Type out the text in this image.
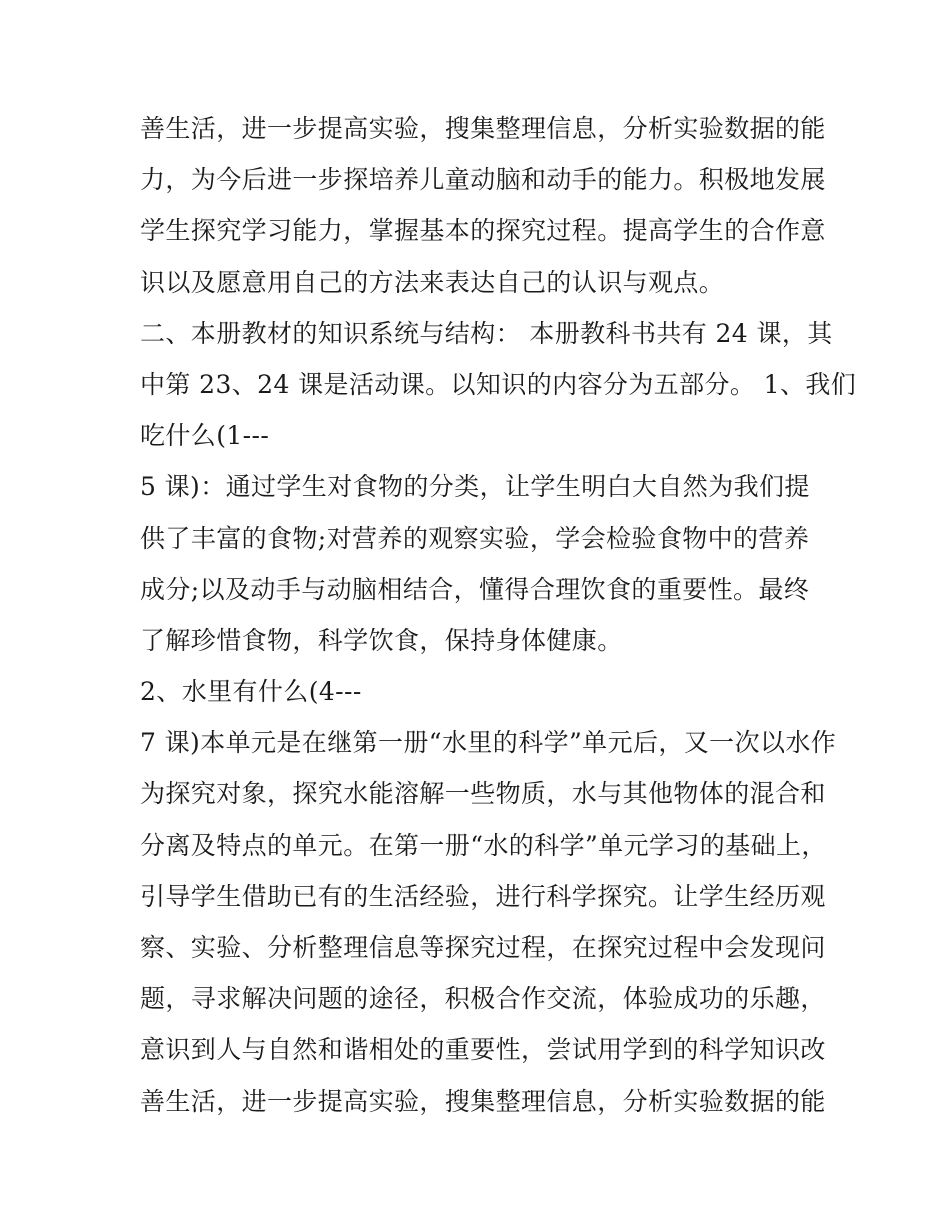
善生活，进一步提高实验，搜集整理信息，分析实验数据的能
力，为今后进一步探培养儿童动脑和动手的能力。积极地发展
学生探究学习能力，掌握基本的探究过程。提高学生的合作意
识以及愿意用自己的方法来表达自己的认识与观点。
二、本册教材的知识系统与结构： 本册教科书共有 24 课，其
中第 23、24 课是活动课。以知识的内容分为五部分。 1、我们
吃什么(1---
5 课)：通过学生对食物的分类，让学生明白大自然为我们提
供了丰富的食物;对营养的观察实验，学会检验食物中的营养
成分;以及动手与动脑相结合，懂得合理饮食的重要性。最终
了解珍惜食物，科学饮食，保持身体健康。
2、水里有什么(4---
7 课)本单元是在继第一册“水里的科学”单元后，又一次以水作
为探究对象，探究水能溶解一些物质，水与其他物体的混合和
分离及特点的单元。在第一册“水的科学”单元学习的基础上，
引导学生借助已有的生活经验，进行科学探究。让学生经历观
察、实验、分析整理信息等探究过程，在探究过程中会发现问
题，寻求解决问题的途径，积极合作交流，体验成功的乐趣，
意识到人与自然和谐相处的重要性，尝试用学到的科学知识改
善生活，进一步提高实验，搜集整理信息，分析实验数据的能
